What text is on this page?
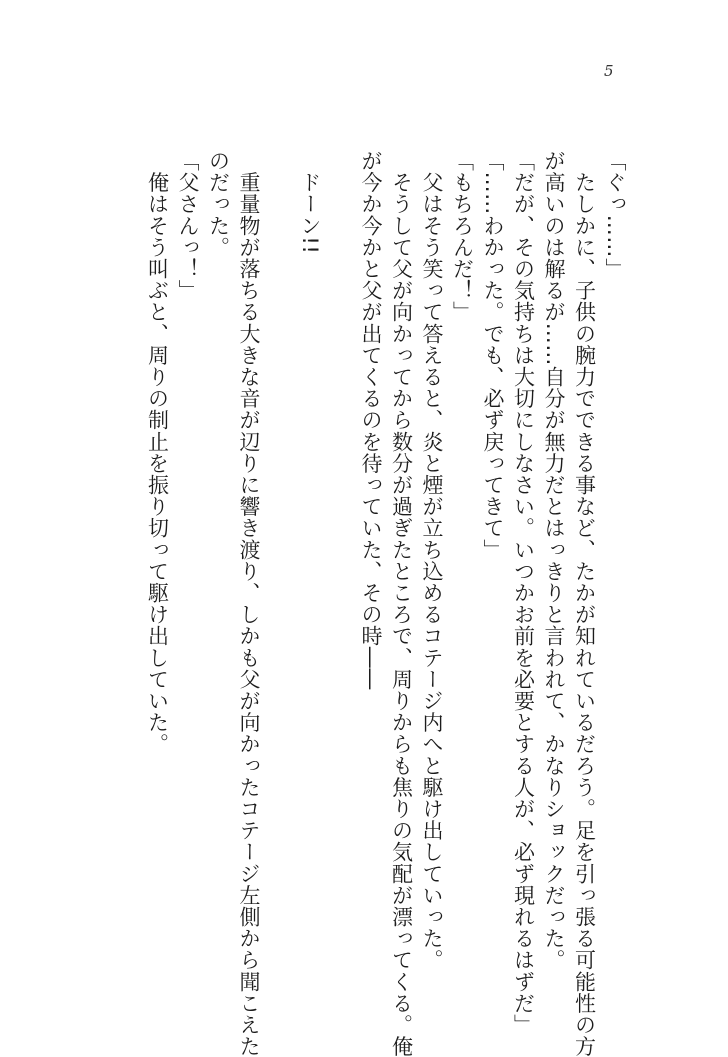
5
「ぐっ……」
　たしかに、子供の腕力でできる事など、たかが知れているだろう。足を引っ張る可能性の方
が高いのは解るが……自分が無力だとはっきりと言われて、かなりショックだった。
「だが、その気持ちは大切にしなさい。いつかお前を必要とする人が、必ず現れるはずだ」
「……わかった。でも、必ず戻ってきて」
「もちろんだ！」
　父はそう笑って答えると、炎と煙が立ち込めるコテージ内へと駆け出していった。
　そうして父が向かってから数分が過ぎたところで、周りからも焦りの気配が漂ってくる。俺
が今か今かと父が出てくるのを待っていた、その時――

　ドーン!!

　重量物が落ちる大きな音が辺りに響き渡り、しかも父が向かったコテージ左側から聞こえた
のだった。
「父さんっ！」
　俺はそう叫ぶと、周りの制止を振り切って駆け出していた。
